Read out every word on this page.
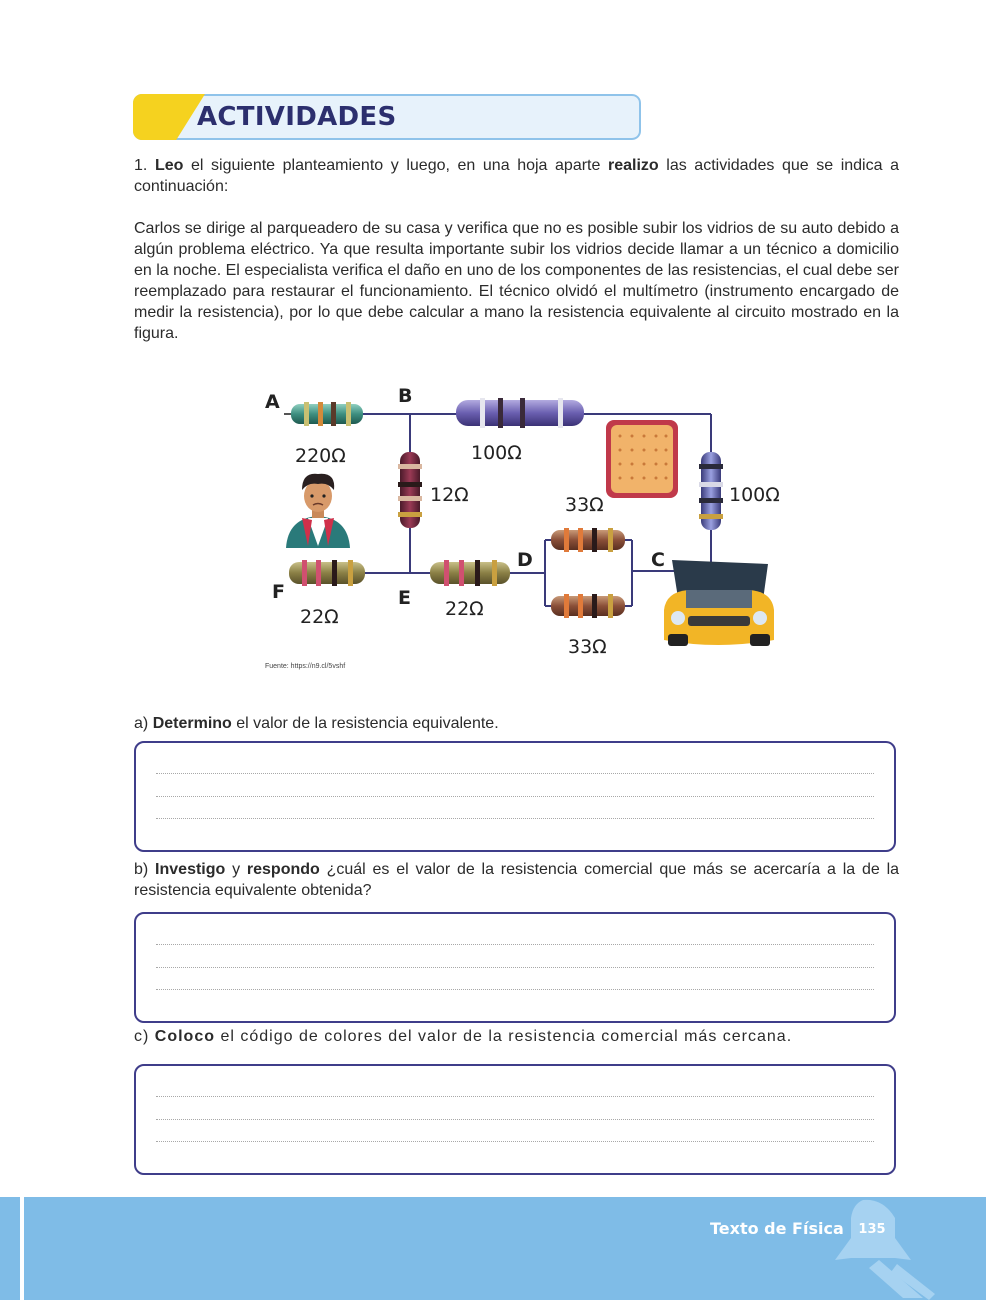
ACTIVIDADES
1. Leo el siguiente planteamiento y luego, en una hoja aparte realizo las actividades que se indica a continuación:
Carlos se dirige al parqueadero de su casa y verifica que no es posible subir los vidrios de su auto debido a algún problema eléctrico. Ya que resulta importante subir los vidrios decide llamar a un técnico a domicilio en la noche. El especialista verifica el daño en uno de los componentes de las resistencias, el cual debe ser reemplazado para restaurar el funcionamiento. El técnico olvidó el multímetro (instrumento encargado de medir la resistencia), por lo que debe calcular a mano la resistencia equivalente al circuito mostrado en la figura.
A	B
C
D
E
F
220Ω	100Ω
12Ω	100Ω
33Ω
33Ω
22Ω	22Ω
Fuente: https://n9.cl/5vshf
a) Determino el valor de la resistencia equivalente.
b) Investigo y respondo ¿cuál es el valor de la resistencia comercial que más se acercaría a la de la resistencia equivalente obtenida?
c) Coloco el código de colores del valor de la resistencia comercial más cercana.
Texto de Física	135
